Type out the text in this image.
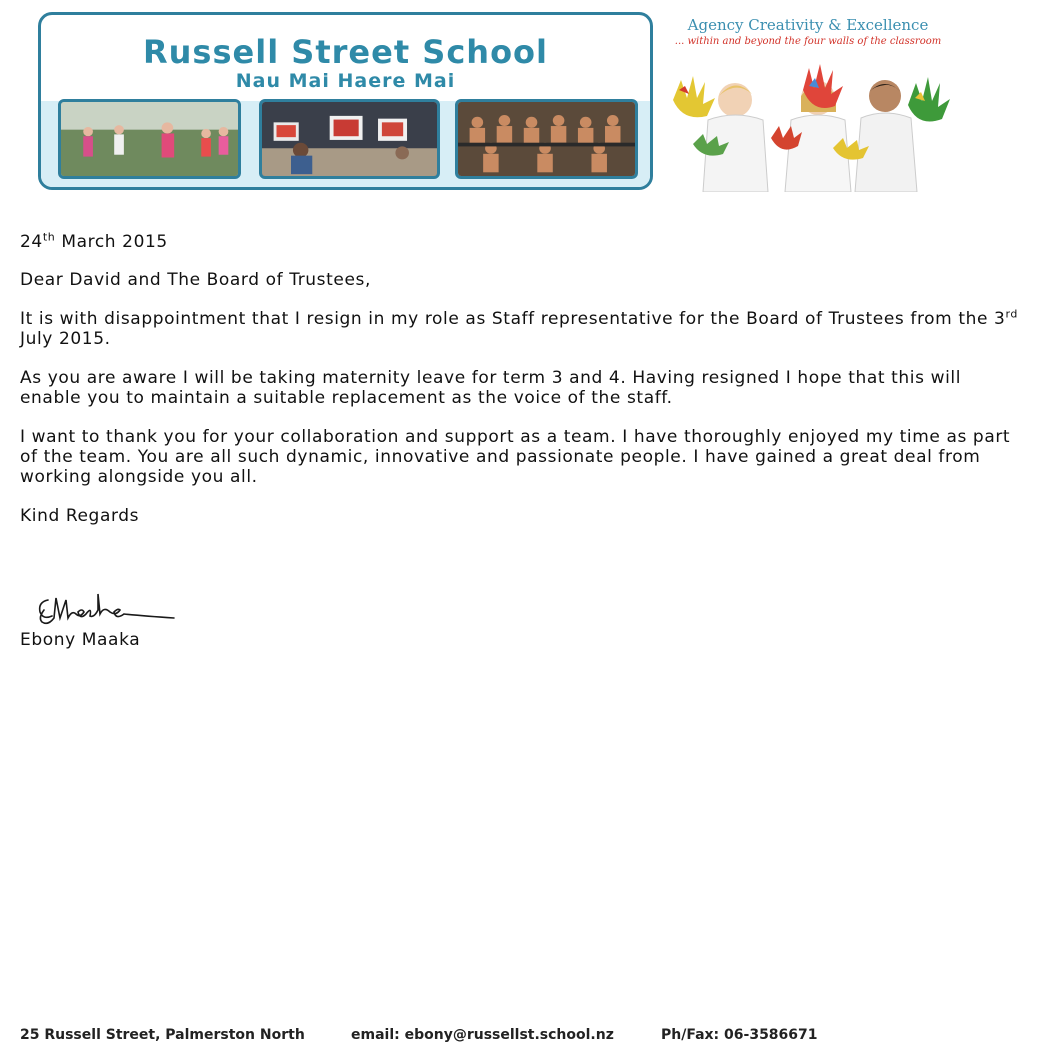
Russell Street School
Nau Mai Haere Mai
Agency Creativity & Excellence
... within and beyond the four walls of the classroom

24th March 2015

Dear David and The Board of Trustees,

It is with disappointment that I resign in my role as Staff representative for the Board of Trustees from the 3rd July 2015.

As you are aware I will be taking maternity leave for term 3 and 4. Having resigned I hope that this will enable you to maintain a suitable replacement as the voice of the staff.

I want to thank you for your collaboration and support as a team. I have thoroughly enjoyed my time as part of the team. You are all such dynamic, innovative and passionate people. I have gained a great deal from working alongside you all.

Kind Regards

Ebony Maaka
25 Russell Street, Palmerston North	email: ebony@russellst.school.nz	Ph/Fax: 06-3586671
